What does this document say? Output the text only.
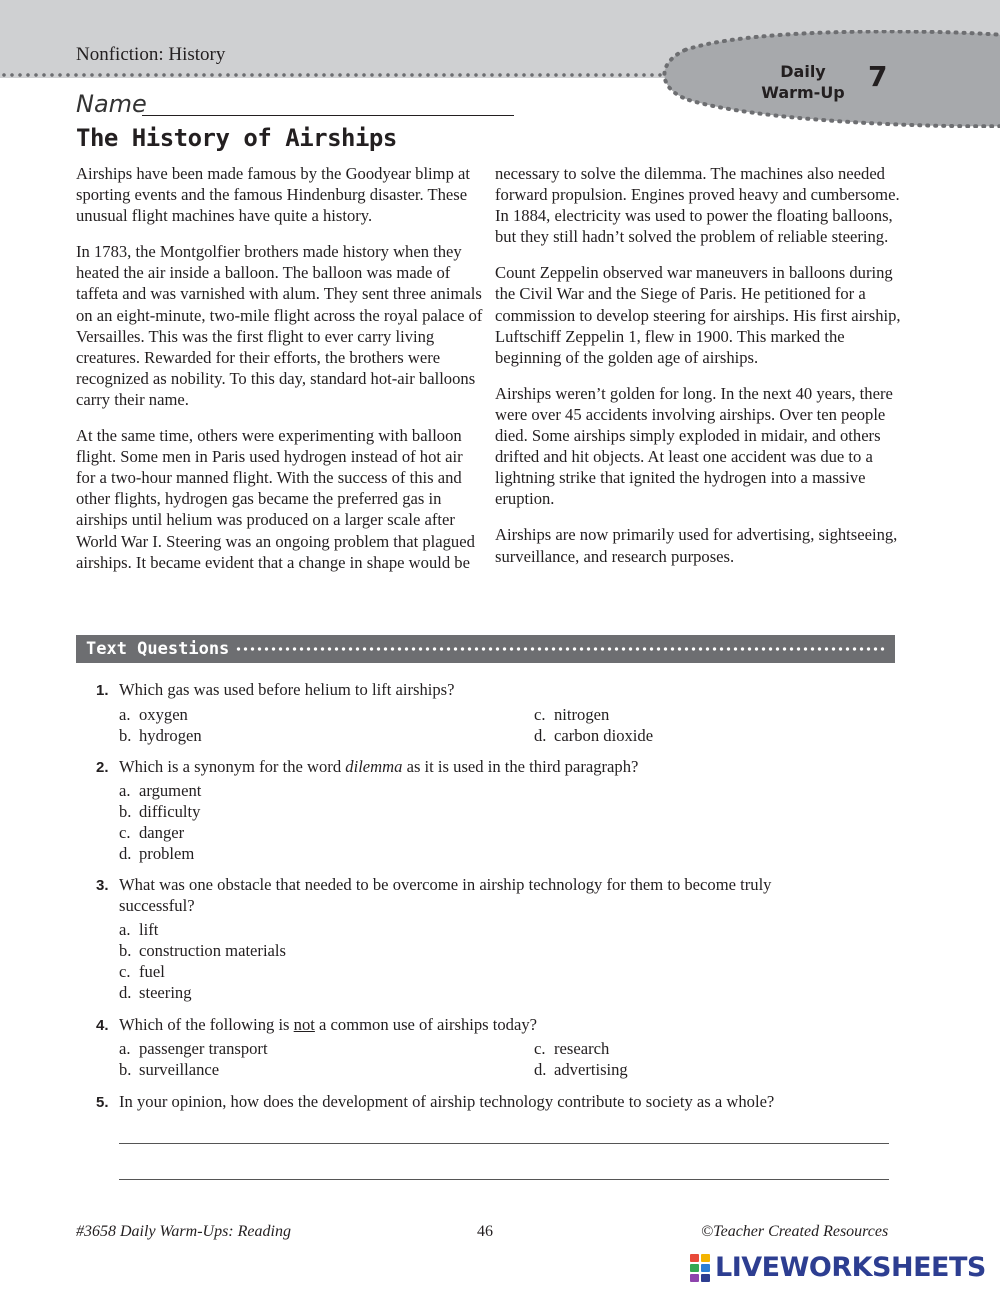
Nonfiction: History
Daily
Warm-Up 7
Name
The History of Airships

Airships have been made famous by the Goodyear blimp at sporting events and the famous Hindenburg disaster. These unusual flight machines have quite a history.

In 1783, the Montgolfier brothers made history when they heated the air inside a balloon. The balloon was made of taffeta and was varnished with alum. They sent three animals on an eight-minute, two-mile flight across the royal palace of Versailles. This was the first flight to ever carry living creatures. Rewarded for their efforts, the brothers were recognized as nobility. To this day, standard hot-air balloons carry their name.

At the same time, others were experimenting with balloon flight. Some men in Paris used hydrogen instead of hot air for a two-hour manned flight. With the success of this and other flights, hydrogen gas became the preferred gas in airships until helium was produced on a larger scale after World War I. Steering was an ongoing problem that plagued airships. It became evident that a change in shape would be

necessary to solve the dilemma. The machines also needed forward propulsion. Engines proved heavy and cumbersome. In 1884, electricity was used to power the floating balloons, but they still hadn’t solved the problem of reliable steering.

Count Zeppelin observed war maneuvers in balloons during the Civil War and the Siege of Paris. He petitioned for a commission to develop steering for airships. His first airship, Luftschiff Zeppelin 1, flew in 1900. This marked the beginning of the golden age of airships.

Airships weren’t golden for long. In the next 40 years, there were over 45 accidents involving airships. Over ten people died. Some airships simply exploded in midair, and others drifted and hit objects. At least one accident was due to a lightning strike that ignited the hydrogen into a massive eruption.

Airships are now primarily used for advertising, sightseeing, surveillance, and research purposes.

Text Questions
1. Which gas was used before helium to lift airships?
a. oxygen
b. hydrogen
c. nitrogen
d. carbon dioxide
2. Which is a synonym for the word dilemma as it is used in the third paragraph?
a. argument
b. difficulty
c. danger
d. problem
3. What was one obstacle that needed to be overcome in airship technology for them to become truly successful?
a. lift
b. construction materials
c. fuel
d. steering
4. Which of the following is not a common use of airships today?
a. passenger transport
b. surveillance
c. research
d. advertising
5. In your opinion, how does the development of airship technology contribute to society as a whole?
#3658 Daily Warm-Ups: Reading	46	©Teacher Created Resources
LIVEWORKSHEETS
